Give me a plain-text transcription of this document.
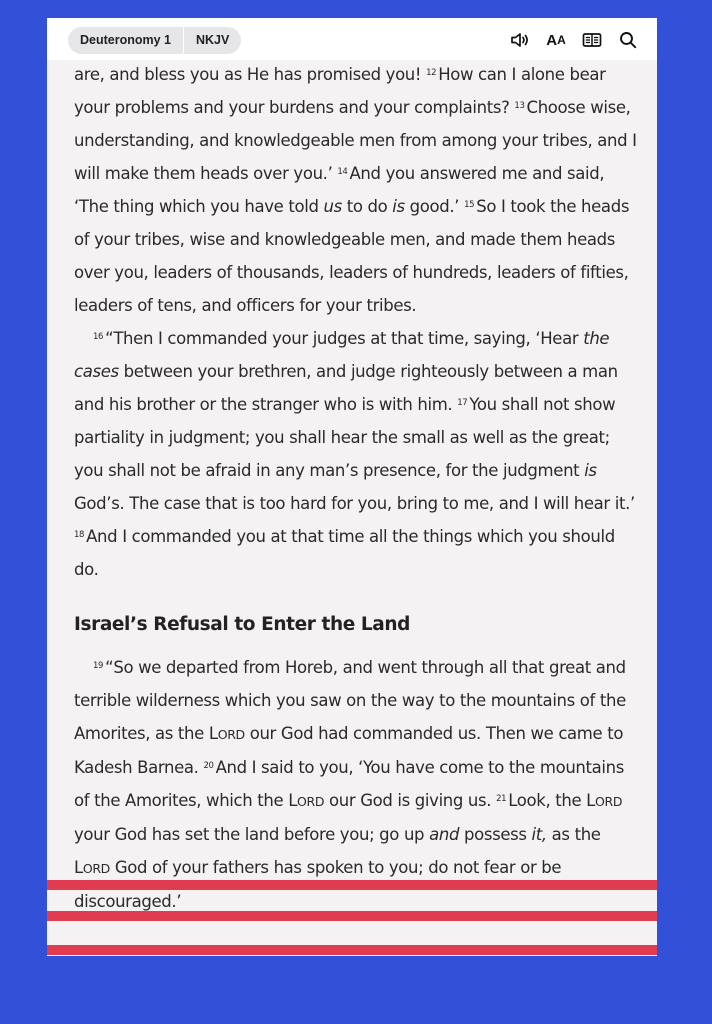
Deuteronomy 1	NKJV	A A

are, and bless you as He has promised you! $^{12}$ How can I alone bear your problems and your burdens and your complaints? $^{13}$ Choose wise, understanding, and knowledgeable men from among your tribes, and I will make them heads over you.’ $^{14}$ And you answered me and said, ‘The thing which you have told us to do is good.’ $^{15}$ So I took the heads of your tribes, wise and knowledgeable men, and made them heads over you, leaders of thousands, leaders of hundreds, leaders of fifties, leaders of tens, and officers for your tribes.

$^{16}$ “Then I commanded your judges at that time, saying, ‘Hear the cases between your brethren, and judge righteously between a man and his brother or the stranger who is with him. $^{17}$ You shall not show partiality in judgment; you shall hear the small as well as the great; you shall not be afraid in any man’s presence, for the judgment is God’s. The case that is too hard for you, bring to me, and I will hear it.’ $^{18}$ And I commanded you at that time all the things which you should do.

Israel’s Refusal to Enter the Land

$^{19}$ “So we departed from Horeb, and went through all that great and terrible wilderness which you saw on the way to the mountains of the Amorites, as the LORD our God had commanded us. Then we came to Kadesh Barnea. $^{20}$ And I said to you, ‘You have come to the mountains of the Amorites, which the LORD our God is giving us. $^{21}$ Look, the LORD your God has set the land before you; go up and possess it, as the LORD God of your fathers has spoken to you; do not fear or be discouraged.’
